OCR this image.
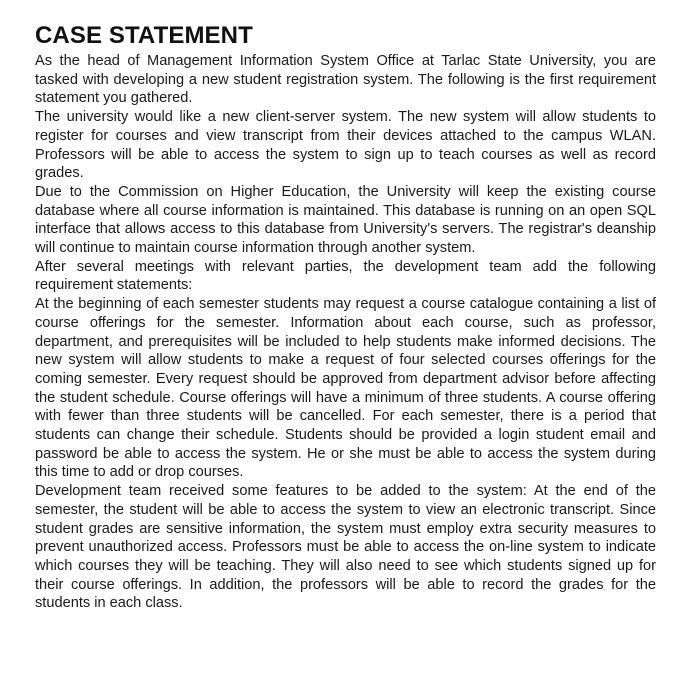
CASE STATEMENT

As the head of Management Information System Office at Tarlac State University, you are tasked with developing a new student registration system. The following is the first requirement statement you gathered.

The university would like a new client-server system. The new system will allow students to register for courses and view transcript from their devices attached to the campus WLAN. Professors will be able to access the system to sign up to teach courses as well as record grades.

Due to the Commission on Higher Education, the University will keep the existing course database where all course information is maintained. This database is running on an open SQL interface that allows access to this database from University's servers. The registrar's deanship will continue to maintain course information through another system.

After several meetings with relevant parties, the development team add the following requirement statements:

At the beginning of each semester students may request a course catalogue containing a list of course offerings for the semester. Information about each course, such as professor, department, and prerequisites will be included to help students make informed decisions. The new system will allow students to make a request of four selected courses offerings for the coming semester. Every request should be approved from department advisor before affecting the student schedule. Course offerings will have a minimum of three students. A course offering with fewer than three students will be cancelled. For each semester, there is a period that students can change their schedule. Students should be provided a login student email and password be able to access the system. He or she must be able to access the system during this time to add or drop courses.

Development team received some features to be added to the system: At the end of the semester, the student will be able to access the system to view an electronic transcript. Since student grades are sensitive information, the system must employ extra security measures to prevent unauthorized access. Professors must be able to access the on-line system to indicate which courses they will be teaching. They will also need to see which students signed up for their course offerings. In addition, the professors will be able to record the grades for the students in each class.
